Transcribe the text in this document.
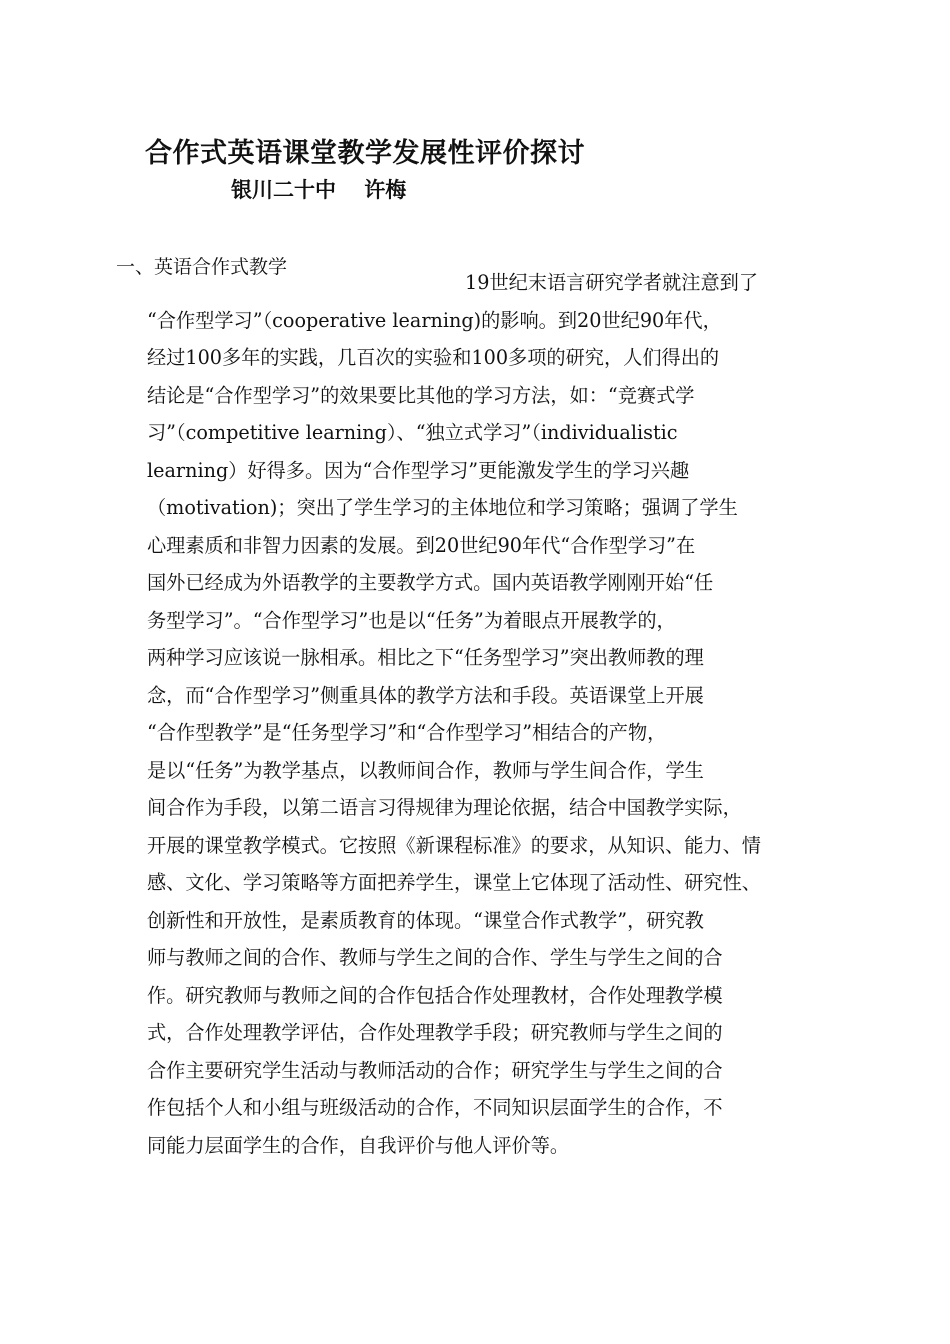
合作式英语课堂教学发展性评价探讨
银川二十中　 许梅
一、英语合作式教学
19世纪末语言研究学者就注意到了
“合作型学习”（cooperative learning)的影响。到20世纪90年代，
经过100多年的实践，几百次的实验和100多项的研究，人们得出的
结论是“合作型学习”的效果要比其他的学习方法，如：“竞赛式学
习”（competitive learning）、“独立式学习”（individualistic
learning）好得多。因为“合作型学习”更能激发学生的学习兴趣
（motivation)；突出了学生学习的主体地位和学习策略；强调了学生
心理素质和非智力因素的发展。到20世纪90年代“合作型学习”在
国外已经成为外语教学的主要教学方式。国内英语教学刚刚开始“任
务型学习”。“合作型学习”也是以“任务”为着眼点开展教学的，
两种学习应该说一脉相承。相比之下“任务型学习”突出教师教的理
念，而“合作型学习”侧重具体的教学方法和手段。英语课堂上开展
“合作型教学”是“任务型学习”和“合作型学习”相结合的产物，
是以“任务”为教学基点，以教师间合作，教师与学生间合作，学生
间合作为手段，以第二语言习得规律为理论依据，结合中国教学实际，
开展的课堂教学模式。它按照《新课程标准》的要求，从知识、能力、情
感、文化、学习策略等方面把养学生，课堂上它体现了活动性、研究性、
创新性和开放性，是素质教育的体现。“课堂合作式教学”，研究教
师与教师之间的合作、教师与学生之间的合作、学生与学生之间的合
作。研究教师与教师之间的合作包括合作处理教材，合作处理教学模
式，合作处理教学评估，合作处理教学手段；研究教师与学生之间的
合作主要研究学生活动与教师活动的合作；研究学生与学生之间的合
作包括个人和小组与班级活动的合作，不同知识层面学生的合作，不
同能力层面学生的合作，自我评价与他人评价等。
